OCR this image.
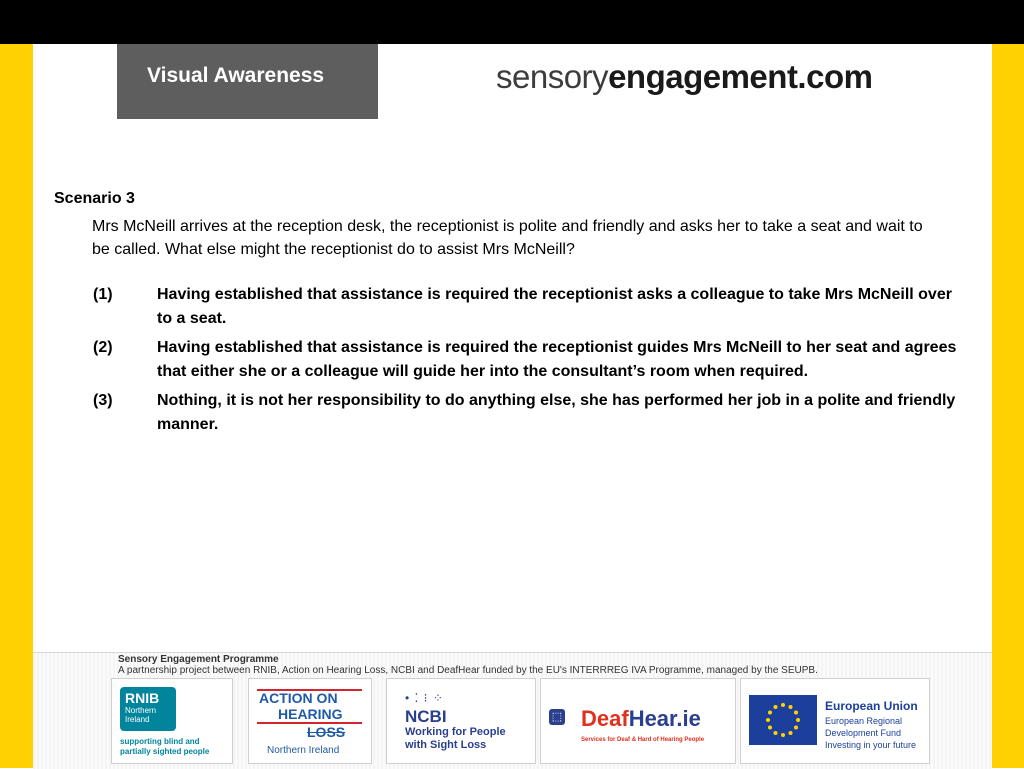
Visual Awareness	sensoryengagement.com

Scenario 3

Mrs McNeill arrives at the reception desk, the receptionist is polite and friendly and asks her to take a seat and wait to be called. What else might the receptionist do to assist Mrs McNeill?

(1)	Having established that assistance is required the receptionist asks a colleague to take Mrs McNeill over to a seat.
(2)	Having established that assistance is required the receptionist guides Mrs McNeill to her seat and agrees that either she or a colleague will guide her into the consultant’s room when required.
(3)	Nothing, it is not her responsibility to do anything else, she has performed her job in a polite and friendly manner.
Sensory Engagement Programme
A partnership project between RNIB, Action on Hearing Loss, NCBI and DeafHear funded by the EU's INTERRREG IVA Programme, managed by the SEUPB.
RNIB
Northern
Ireland
supporting blind and
partially sighted people
ACTION ON
HEARING
LOSS
Northern Ireland
• ⁚ ⁝ ⁘
NCBI
Working for People
with Sight Loss
⬚ DeafHear.ie
Services for Deaf & Hard of Hearing People
European Union
European Regional
Development Fund
Investing in your future
